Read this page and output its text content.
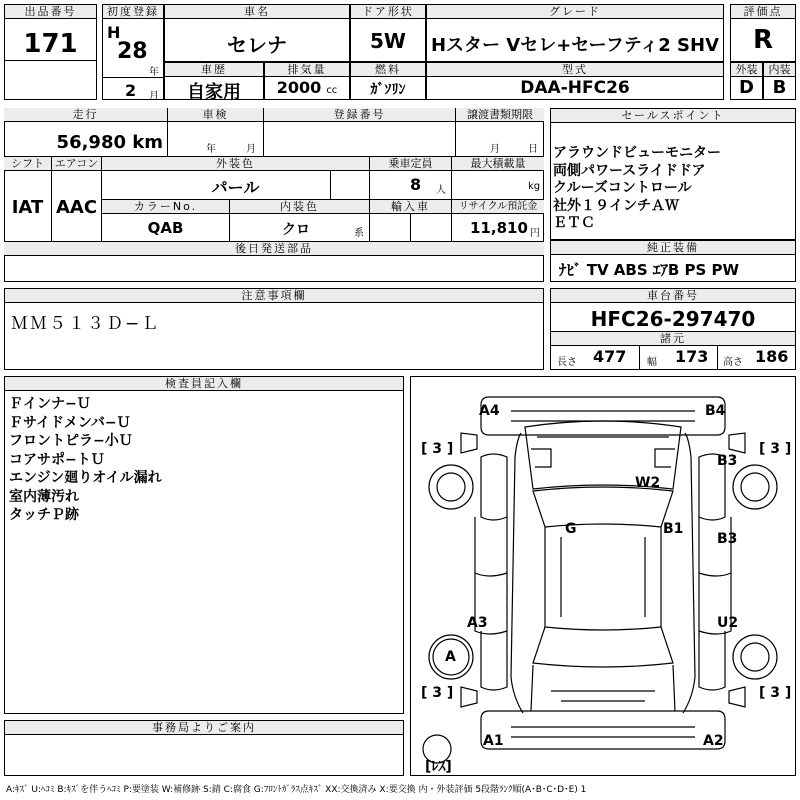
出品番号
171
初度登録
H
28
年
2 月
車名
セレナ
ドア形状
5W
グレード
Hスター Vセレ+セーフティ2 SHV
評価点
R
車歴
自家用
排気量
2000 cc
燃料
ｶﾞｿﾘﾝ
型式
DAA-HFC26
外装
D
内装
B
走行
56,980 km
車検
年	月
登録番号	譲渡書類期限
月	日
シフト
IAT
エアコン
AAC
外装色
パール
乗車定員
8 人
最大積載量
kg
カラーNo.
QAB
内装色
クロ	系
輸入車	リサイクル預託金
11,810 円
後日発送部品
セールスポイント
アラウンドビューモニター
両側パワースライドドア
クルーズコントロール
社外１９インチＡＷ
ＥＴＣ
純正装備
ﾅﾋﾞ TV ABS ｴｱB PS PW
注意事項欄
ＭＭ５１３Ｄ−Ｌ
車台番号
HFC26-297470
諸元
長さ 477 幅 173 高さ 186
検査員記入欄
Ｆインナ−Ｕ
Ｆサイドメンバ−Ｕ
フロントピラ−小Ｕ
コアサポ−トＵ
エンジン廻りオイル漏れ
室内薄汚れ
タッチＰ跡
事務局よりご案内
[ 3 ]	[ 3 ]
[ 3 ]	[ 3 ]
[ﾚｽ]
A4	B4
B3
W2
G	B1
B3
A3	U2
A
A1	A2
A:ｷｽﾞ U:ﾍｺﾐ B:ｷｽﾞを伴うﾍｺﾐ P:要塗装 W:補修跡 S:錆 C:腐食 G:ﾌﾛﾝﾄｶﾞﾗｽ点ｷｽﾞ XX:交換済み X:要交換 内・外装評価 5段階ﾗﾝｸ順(A･B･C･D･E) 1
